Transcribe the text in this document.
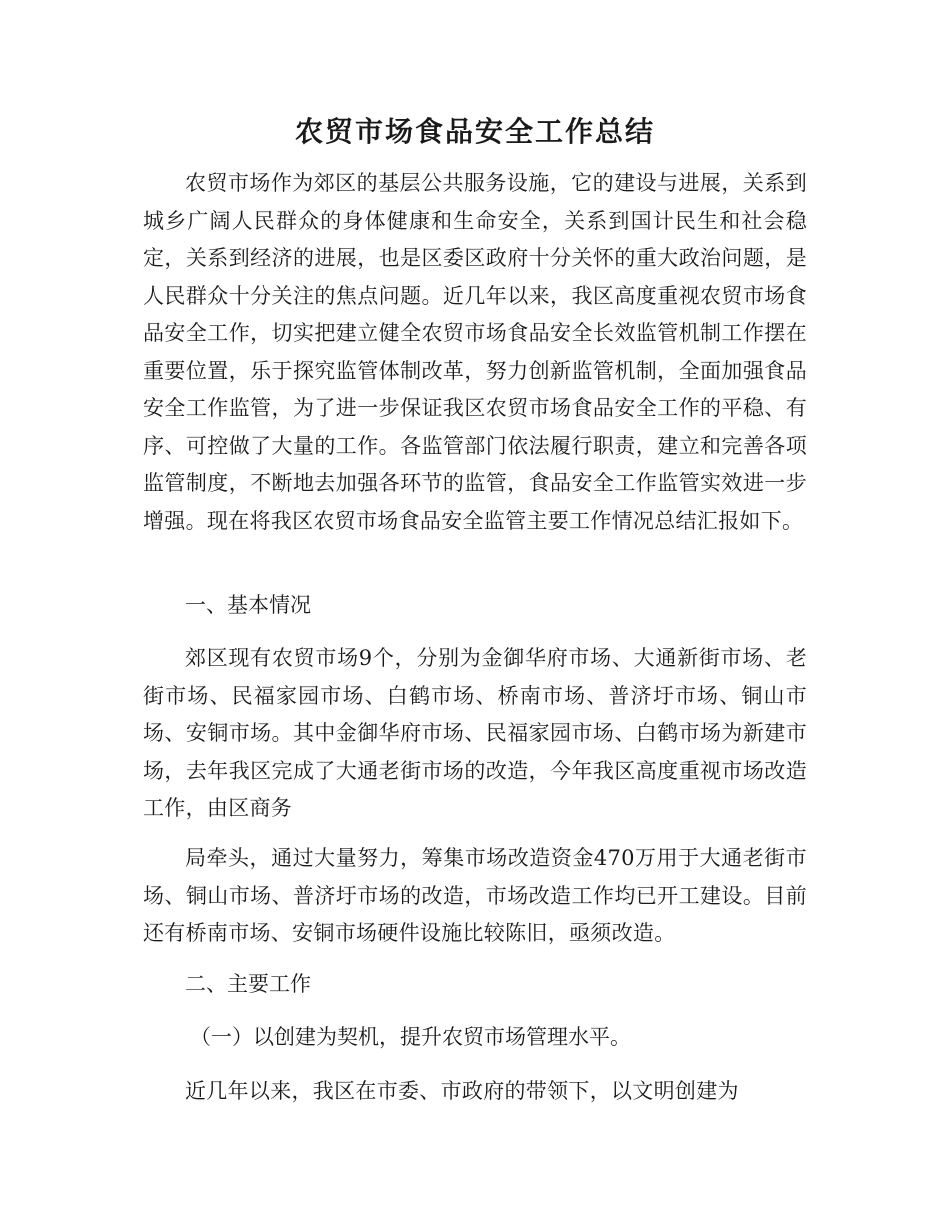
农贸市场食品安全工作总结

农贸市场作为郊区的基层公共服务设施，它的建设与进展，关系到城乡广阔人民群众的身体健康和生命安全，关系到国计民生和社会稳定，关系到经济的进展，也是区委区政府十分关怀的重大政治问题，是人民群众十分关注的焦点问题。近几年以来，我区高度重视农贸市场食品安全工作，切实把建立健全农贸市场食品安全长效监管机制工作摆在重要位置，乐于探究监管体制改革，努力创新监管机制，全面加强食品安全工作监管，为了进一步保证我区农贸市场食品安全工作的平稳、有序、可控做了大量的工作。各监管部门依法履行职责，建立和完善各项监管制度，不断地去加强各环节的监管，食品安全工作监管实效进一步增强。现在将我区农贸市场食品安全监管主要工作情况总结汇报如下。

一、基本情况

郊区现有农贸市场9个，分别为金御华府市场、大通新街市场、老街市场、民福家园市场、白鹤市场、桥南市场、普济圩市场、铜山市场、安铜市场。其中金御华府市场、民福家园市场、白鹤市场为新建市场，去年我区完成了大通老街市场的改造，今年我区高度重视市场改造工作，由区商务

局牵头，通过大量努力，筹集市场改造资金470万用于大通老街市场、铜山市场、普济圩市场的改造，市场改造工作均已开工建设。目前还有桥南市场、安铜市场硬件设施比较陈旧，亟须改造。

二、主要工作

（一）以创建为契机，提升农贸市场管理水平。

近几年以来，我区在市委、市政府的带领下，以文明创建为
